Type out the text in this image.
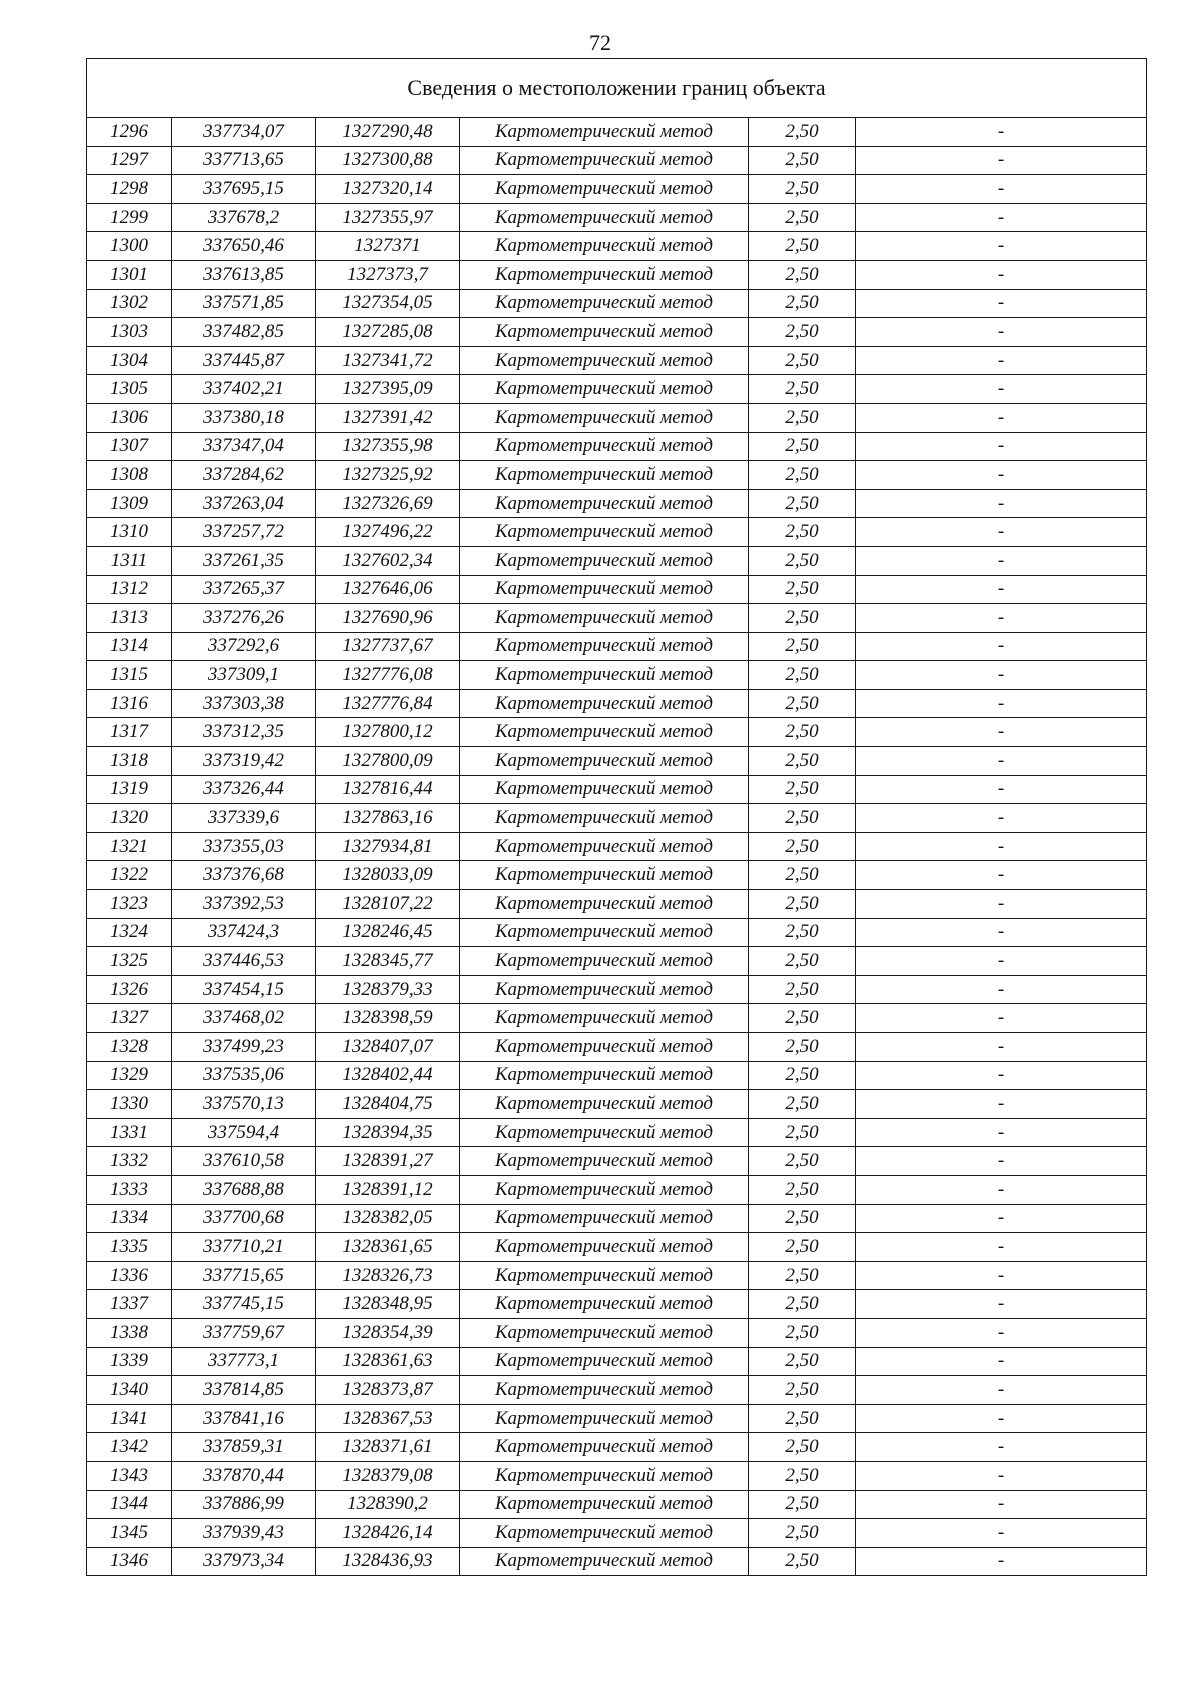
72
Сведения о местоположении границ объекта					
1296	337734,07	1327290,48	Картометрический метод	2,50	-
1297	337713,65	1327300,88	Картометрический метод	2,50	-
1298	337695,15	1327320,14	Картометрический метод	2,50	-
1299	337678,2	1327355,97	Картометрический метод	2,50	-
1300	337650,46	1327371	Картометрический метод	2,50	-
1301	337613,85	1327373,7	Картометрический метод	2,50	-
1302	337571,85	1327354,05	Картометрический метод	2,50	-
1303	337482,85	1327285,08	Картометрический метод	2,50	-
1304	337445,87	1327341,72	Картометрический метод	2,50	-
1305	337402,21	1327395,09	Картометрический метод	2,50	-
1306	337380,18	1327391,42	Картометрический метод	2,50	-
1307	337347,04	1327355,98	Картометрический метод	2,50	-
1308	337284,62	1327325,92	Картометрический метод	2,50	-
1309	337263,04	1327326,69	Картометрический метод	2,50	-
1310	337257,72	1327496,22	Картометрический метод	2,50	-
1311	337261,35	1327602,34	Картометрический метод	2,50	-
1312	337265,37	1327646,06	Картометрический метод	2,50	-
1313	337276,26	1327690,96	Картометрический метод	2,50	-
1314	337292,6	1327737,67	Картометрический метод	2,50	-
1315	337309,1	1327776,08	Картометрический метод	2,50	-
1316	337303,38	1327776,84	Картометрический метод	2,50	-
1317	337312,35	1327800,12	Картометрический метод	2,50	-
1318	337319,42	1327800,09	Картометрический метод	2,50	-
1319	337326,44	1327816,44	Картометрический метод	2,50	-
1320	337339,6	1327863,16	Картометрический метод	2,50	-
1321	337355,03	1327934,81	Картометрический метод	2,50	-
1322	337376,68	1328033,09	Картометрический метод	2,50	-
1323	337392,53	1328107,22	Картометрический метод	2,50	-
1324	337424,3	1328246,45	Картометрический метод	2,50	-
1325	337446,53	1328345,77	Картометрический метод	2,50	-
1326	337454,15	1328379,33	Картометрический метод	2,50	-
1327	337468,02	1328398,59	Картометрический метод	2,50	-
1328	337499,23	1328407,07	Картометрический метод	2,50	-
1329	337535,06	1328402,44	Картометрический метод	2,50	-
1330	337570,13	1328404,75	Картометрический метод	2,50	-
1331	337594,4	1328394,35	Картометрический метод	2,50	-
1332	337610,58	1328391,27	Картометрический метод	2,50	-
1333	337688,88	1328391,12	Картометрический метод	2,50	-
1334	337700,68	1328382,05	Картометрический метод	2,50	-
1335	337710,21	1328361,65	Картометрический метод	2,50	-
1336	337715,65	1328326,73	Картометрический метод	2,50	-
1337	337745,15	1328348,95	Картометрический метод	2,50	-
1338	337759,67	1328354,39	Картометрический метод	2,50	-
1339	337773,1	1328361,63	Картометрический метод	2,50	-
1340	337814,85	1328373,87	Картометрический метод	2,50	-
1341	337841,16	1328367,53	Картометрический метод	2,50	-
1342	337859,31	1328371,61	Картометрический метод	2,50	-
1343	337870,44	1328379,08	Картометрический метод	2,50	-
1344	337886,99	1328390,2	Картометрический метод	2,50	-
1345	337939,43	1328426,14	Картометрический метод	2,50	-
1346	337973,34	1328436,93	Картометрический метод	2,50	-
